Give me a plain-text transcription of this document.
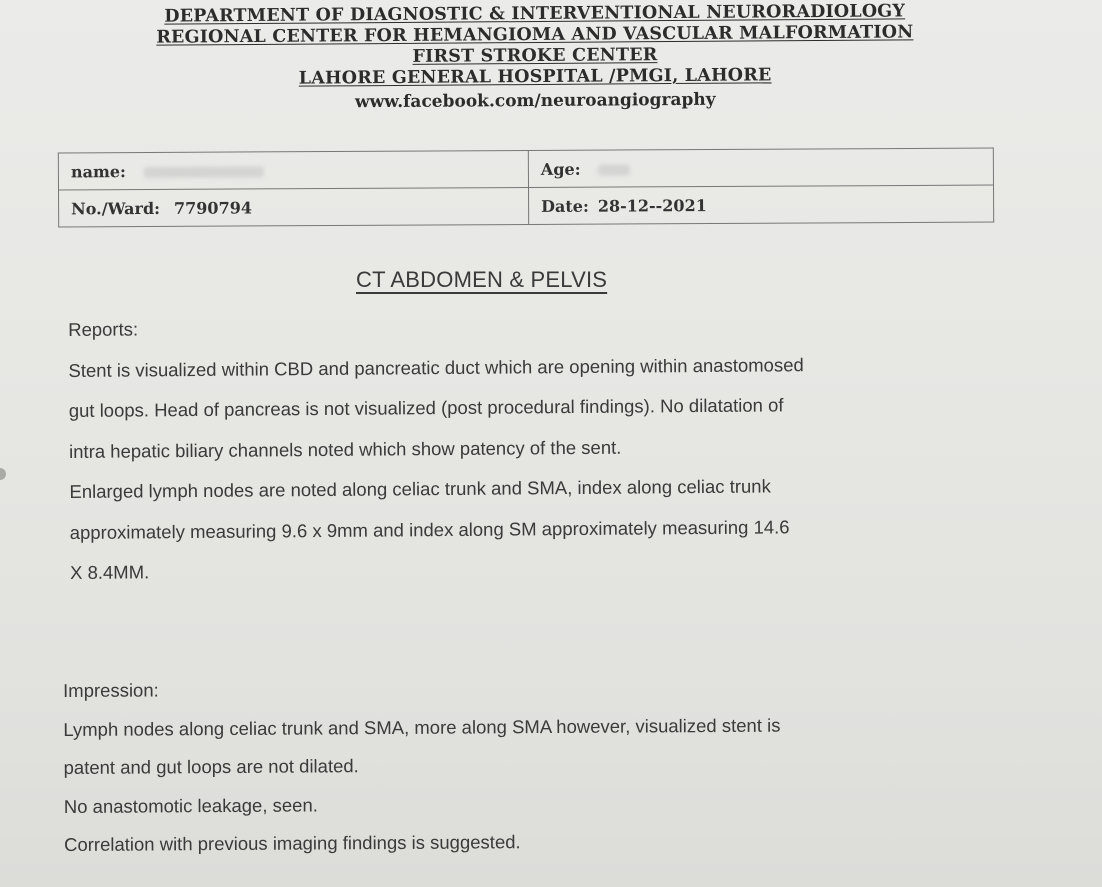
DEPARTMENT OF DIAGNOSTIC & INTERVENTIONAL NEURORADIOLOGY
REGIONAL CENTER FOR HEMANGIOMA AND VASCULAR MALFORMATION
FIRST STROKE CENTER
LAHORE GENERAL HOSPITAL /PMGI, LAHORE
www.facebook.com/neuroangiography
name:	Age:
No./Ward: 7790794	Date: 28-12--2021
CT ABDOMEN & PELVIS

Reports:

Stent is visualized within CBD and pancreatic duct which are opening within anastomosed

gut loops. Head of pancreas is not visualized (post procedural findings). No dilatation of

intra hepatic biliary channels noted which show patency of the sent.

Enlarged lymph nodes are noted along celiac trunk and SMA, index along celiac trunk

approximately measuring 9.6 x 9mm and index along SM approximately measuring 14.6

X 8.4MM.

Impression:

Lymph nodes along celiac trunk and SMA, more along SMA however, visualized stent is

patent and gut loops are not dilated.

No anastomotic leakage, seen.

Correlation with previous imaging findings is suggested.
